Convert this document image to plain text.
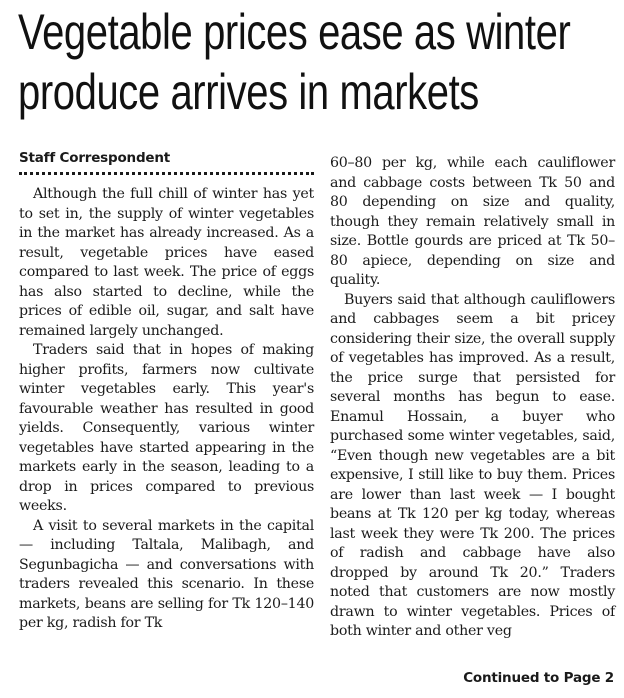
Vegetable prices ease as winter
produce arrives in markets
Staff Correspondent

Although the full chill of winter has yet to set in, the supply of winter vegetables in the market has already increased. As a result, vegetable prices have eased compared to last week. The price of eggs has also started to decline, while the prices of edible oil, sugar, and salt have remained largely unchanged.

Traders said that in hopes of making higher profits, farmers now cultivate winter vegetables early. This year's favourable weather has resulted in good yields. Consequently, various winter vegetables have started appearing in the markets early in the season, leading to a drop in prices compared to previous weeks.

A visit to several markets in the capital — including Taltala, Malibagh, and Segunbagicha — and conversations with traders revealed this scenario. In these markets, beans are selling for Tk 120–140 per kg, radish for Tk

60–80 per kg, while each cauliflower and cabbage costs between Tk 50 and 80 depending on size and quality, though they remain relatively small in size. Bottle gourds are priced at Tk 50–80 apiece, depending on size and quality.

Buyers said that although cauliflowers and cabbages seem a bit pricey considering their size, the overall supply of vegetables has improved. As a result, the price surge that persisted for several months has begun to ease. Enamul Hossain, a buyer who purchased some winter vegetables, said, “Even though new vegetables are a bit expensive, I still like to buy them. Prices are lower than last week — I bought beans at Tk 120 per kg today, whereas last week they were Tk 200. The prices of radish and cabbage have also dropped by around Tk 20.” Traders noted that customers are now mostly drawn to winter vegetables. Prices of both winter and other veg

Continued to Page 2
